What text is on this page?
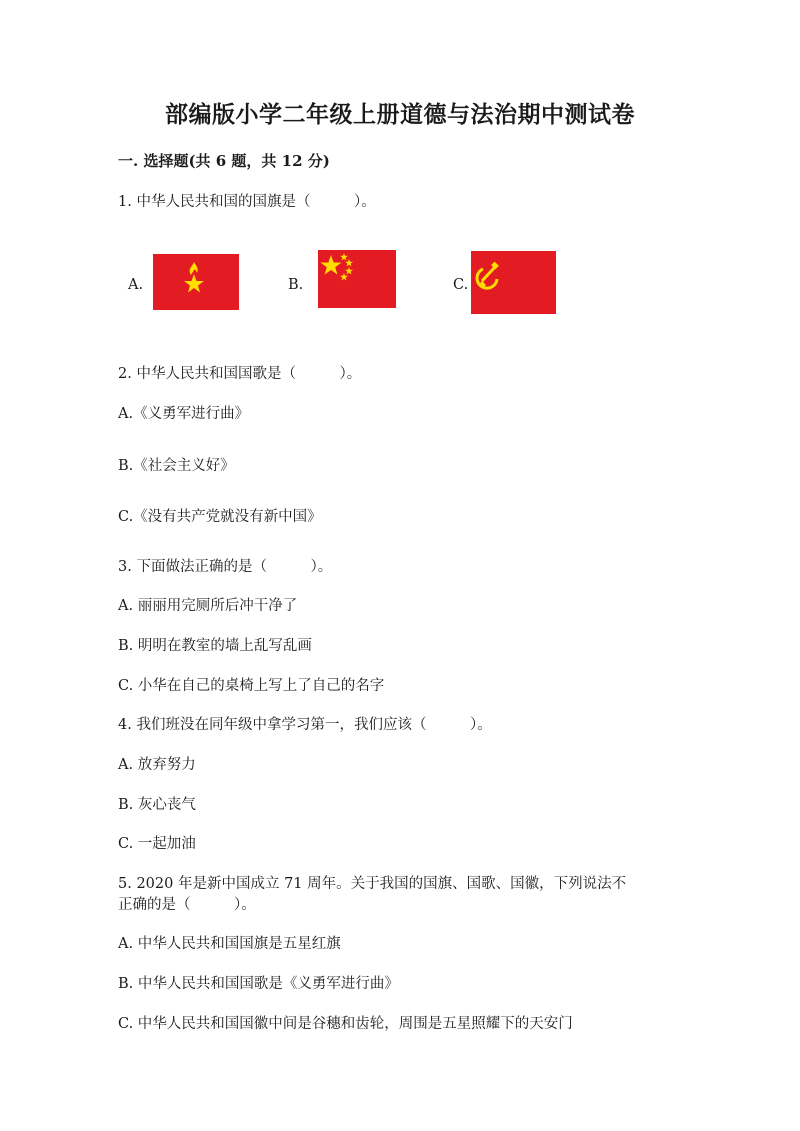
部编版小学二年级上册道德与法治期中测试卷
一. 选择题(共 6 题，共 12 分)
1. 中华人民共和国的国旗是（　　　）。
A.	B.	C.
2. 中华人民共和国国歌是（　　　）。
A.《义勇军进行曲》
B.《社会主义好》
C.《没有共产党就没有新中国》
3. 下面做法正确的是（　　　）。
A. 丽丽用完厕所后冲干净了
B. 明明在教室的墙上乱写乱画
C. 小华在自己的桌椅上写上了自己的名字
4. 我们班没在同年级中拿学习第一，我们应该（　　　）。
A. 放弃努力
B. 灰心丧气
C. 一起加油
5. 2020 年是新中国成立 71 周年。关于我国的国旗、国歌、国徽，下列说法不
正确的是（　　　）。
A. 中华人民共和国国旗是五星红旗
B. 中华人民共和国国歌是《义勇军进行曲》
C. 中华人民共和国国徽中间是谷穗和齿轮，周围是五星照耀下的天安门
